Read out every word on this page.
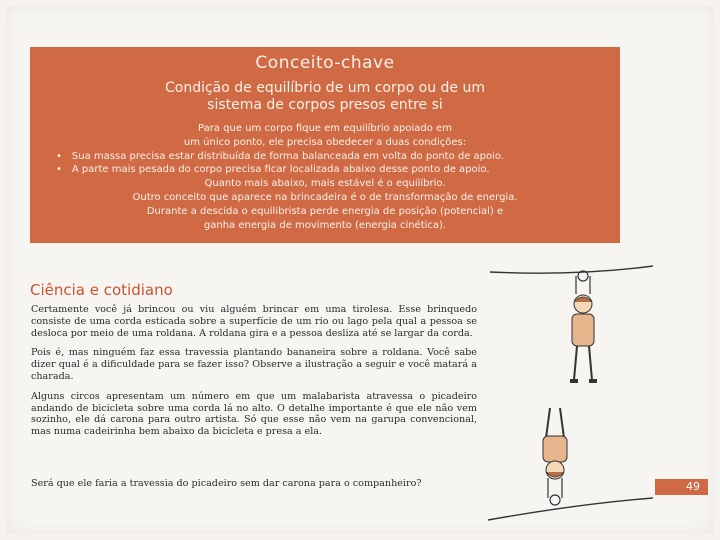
Conceito-chave
Condição de equilíbrio de um corpo ou de um
sistema de corpos presos entre si
Para que um corpo fique em equilíbrio apoiado em
um único ponto, ele precisa obedecer a duas condições:
• Sua massa precisa estar distribuída de forma balanceada em volta do ponto de apoio.
• A parte mais pesada do corpo precisa ficar localizada abaixo desse ponto de apoio.
Quanto mais abaixo, mais estável é o equilíbrio.
Outro conceito que aparece na brincadeira é o de transformação de energia.
Durante a descida o equilibrista perde energia de posição (potencial) e
ganha energia de movimento (energia cinética).
Ciência e cotidiano

Certamente você já brincou ou viu alguém brincar em uma tirolesa. Esse brinquedo consiste de uma corda esticada sobre a superfície de um rio ou lago pela qual a pessoa se desloca por meio de uma roldana. A roldana gira e a pessoa desliza até se largar da corda.

Pois é, mas ninguém faz essa travessia plantando bananeira sobre a roldana. Você sabe dizer qual é a dificuldade para se fazer isso? Observe a ilustração a seguir e você matará a charada.

Alguns circos apresentam um número em que um malabarista atravessa o picadeiro andando de bicicleta sobre uma corda lá no alto. O detalhe importante é que ele não vem sozinho, ele dá carona para outro artista. Só que esse não vem na garupa convencional, mas numa cadeirinha bem abaixo da bicicleta e presa a ela.

Será que ele faria a travessia do picadeiro sem dar carona para o companheiro?	49
